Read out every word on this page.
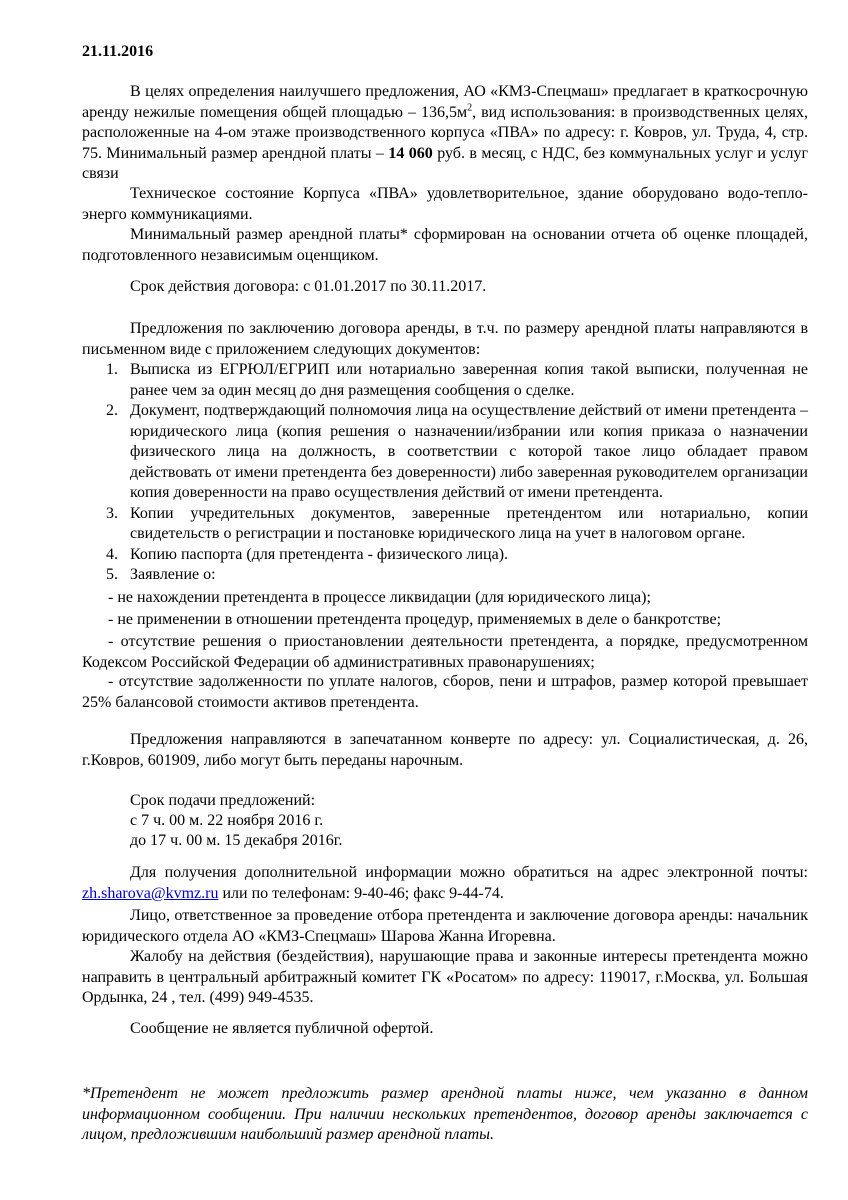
21.11.2016

В целях определения наилучшего предложения, АО «КМЗ-Спецмаш» предлагает в краткосрочную аренду нежилые помещения общей площадью – $136,5м^2$, вид использования: в производственных целях, расположенные на 4-ом этаже производственного корпуса «ПВА» по адресу: г. Ковров, ул. Труда, 4, стр. 75. Минимальный размер арендной платы – 14 060 руб. в месяц, с НДС, без коммунальных услуг и услуг связи

Техническое состояние Корпуса «ПВА» удовлетворительное, здание оборудовано водо-тепло-энерго коммуникациями.

Минимальный размер арендной платы* сформирован на основании отчета об оценке площадей, подготовленного независимым оценщиком.

Срок действия договора: с 01.01.2017 по 30.11.2017.

Предложения по заключению договора аренды, в т.ч. по размеру арендной платы направляются в письменном виде с приложением следующих документов:

1. Выписка из ЕГРЮЛ/ЕГРИП или нотариально заверенная копия такой выписки, полученная не ранее чем за один месяц до дня размещения сообщения о сделке.
2. Документ, подтверждающий полномочия лица на осуществление действий от имени претендента – юридического лица (копия решения о назначении/избрании или копия приказа о назначении физического лица на должность, в соответствии с которой такое лицо обладает правом действовать от имени претендента без доверенности) либо заверенная руководителем организации копия доверенности на право осуществления действий от имени претендента.
3. Копии учредительных документов, заверенные претендентом или нотариально, копии свидетельств о регистрации и постановке юридического лица на учет в налоговом органе.
4. Копию паспорта (для претендента - физического лица).
5. Заявление о:

- не нахождении претендента в процессе ликвидации (для юридического лица);

- не применении в отношении претендента процедур, применяемых в деле о банкротстве;

- отсутствие решения о приостановлении деятельности претендента, а порядке, предусмотренном Кодексом Российской Федерации об административных правонарушениях;

- отсутствие задолженности по уплате налогов, сборов, пени и штрафов, размер которой превышает 25% балансовой стоимости активов претендента.

Предложения направляются в запечатанном конверте по адресу: ул. Социалистическая, д. 26, г.Ковров, 601909, либо могут быть переданы нарочным.

Срок подачи предложений:

с 7 ч. 00 м. 22 ноября 2016 г.

до 17 ч. 00 м. 15 декабря 2016г.

Для получения дополнительной информации можно обратиться на адрес электронной почты: zh.sharova@kvmz.ru или по телефонам: 9-40-46; факс 9-44-74.

Лицо, ответственное за проведение отбора претендента и заключение договора аренды: начальник юридического отдела АО «КМЗ-Спецмаш» Шарова Жанна Игоревна.

Жалобу на действия (бездействия), нарушающие права и законные интересы претендента можно направить в центральный арбитражный комитет ГК «Росатом» по адресу: 119017, г.Москва, ул. Большая Ордынка, 24 , тел. (499) 949-4535.

Сообщение не является публичной офертой.

*Претендент не может предложить размер арендной платы ниже, чем указанно в данном информационном сообщении. При наличии нескольких претендентов, договор аренды заключается с лицом, предложившим наибольший размер арендной платы.
